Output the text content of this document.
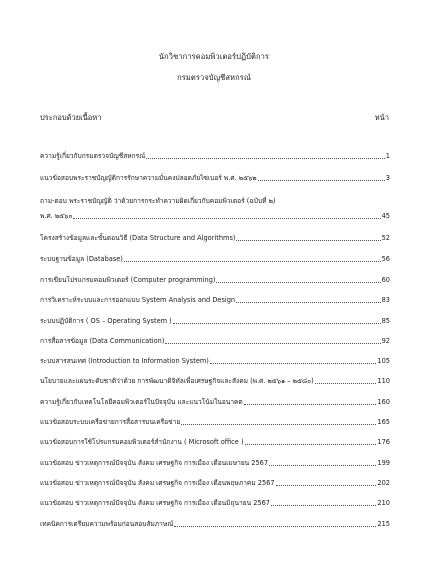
นักวิชาการคอมพิวเตอร์ปฏิบัติการ
กรมตรวจบัญชีสหกรณ์
ประกอบด้วยเนื้อหา	หน้า
ความรู้เกี่ยวกับกรมตรวจบัญชีสหกรณ์	1
แนวข้อสอบพระราชบัญญัติการรักษาความมั่นคงปลอดภัยไซเบอร์ พ.ศ. ๒๕๖๒	3
ถาม-ตอบ พระราชบัญญัติ ว่าด้วยการกระทำความผิดเกี่ยวกับคอมพิวเตอร์ (ฉบับที่ ๒)
พ.ศ. ๒๕๖๐	45
โครงสร้างข้อมูลและขั้นตอนวิธี (Data Structure and Algorithms)	52
ระบบฐานข้อมูล (Database)	56
การเขียนโปรแกรมคอมพิวเตอร์ (Computer programming)	60
การวิเคราะห์ระบบและการออกแบบ System Analysis and Design	83
ระบบปฏิบัติการ ( OS – Operating System )	85
การสื่อสารข้อมูล (Data Communication)	92
ระบบสารสนเทศ (Introduction to Information System)	105
นโยบายและแผนระดับชาติว่าด้วย การพัฒนาดิจิทัลเพื่อเศรษฐกิจและสังคม (พ.ศ. ๒๕๖๑ – ๒๕๘๐)	110
ความรู้เกี่ยวกับเทคโนโลยีคอมพิวเตอร์ในปัจจุบัน และแนวโน้มในอนาคต	160
แนวข้อสอบระบบเครือข่ายการสื่อสารบนเครือข่าย	165
แนวข้อสอบการใช้โปรแกรมคอมพิวเตอร์สำนักงาน ( Microsoft office )	176
แนวข้อสอบ ข่าวเหตุการณ์ปัจจุบัน สังคม เศรษฐกิจ การเมือง เดือนเมษายน 2567	199
แนวข้อสอบ ข่าวเหตุการณ์ปัจจุบัน สังคม เศรษฐกิจ การเมือง เดือนพฤษภาคม 2567	202
แนวข้อสอบ ข่าวเหตุการณ์ปัจจุบัน สังคม เศรษฐกิจ การเมือง เดือนมิถุนายน 2567	210
เทคนิคการเตรียมความพร้อมก่อนสอบสัมภาษณ์	215
